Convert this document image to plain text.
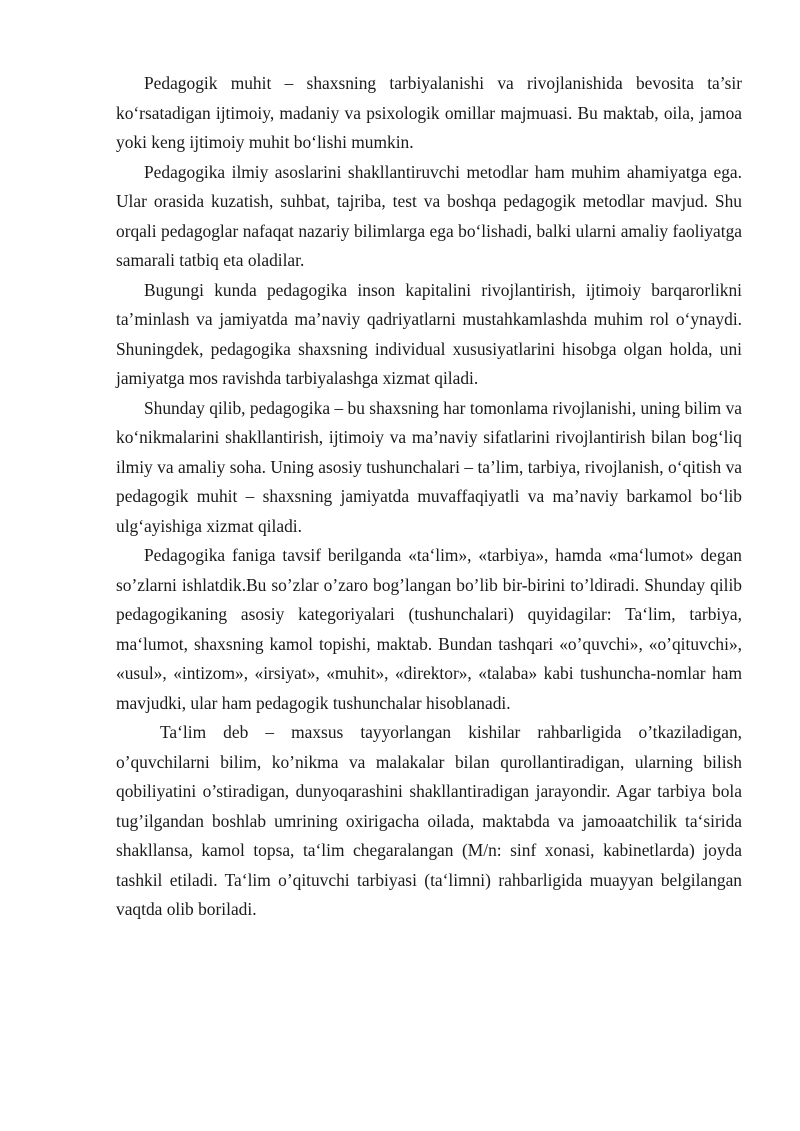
Pedagogik muhit – shaxsning tarbiyalanishi va rivojlanishida bevosita ta’sir ko‘rsatadigan ijtimoiy, madaniy va psixologik omillar majmuasi. Bu maktab, oila, jamoa yoki keng ijtimoiy muhit bo‘lishi mumkin.

Pedagogika ilmiy asoslarini shakllantiruvchi metodlar ham muhim ahamiyatga ega. Ular orasida kuzatish, suhbat, tajriba, test va boshqa pedagogik metodlar mavjud. Shu orqali pedagoglar nafaqat nazariy bilimlarga ega bo‘lishadi, balki ularni amaliy faoliyatga samarali tatbiq eta oladilar.

Bugungi kunda pedagogika inson kapitalini rivojlantirish, ijtimoiy barqarorlikni ta’minlash va jamiyatda ma’naviy qadriyatlarni mustahkamlashda muhim rol o‘ynaydi. Shuningdek, pedagogika shaxsning individual xususiyatlarini hisobga olgan holda, uni jamiyatga mos ravishda tarbiyalashga xizmat qiladi.

Shunday qilib, pedagogika – bu shaxsning har tomonlama rivojlanishi, uning bilim va ko‘nikmalarini shakllantirish, ijtimoiy va ma’naviy sifatlarini rivojlantirish bilan bog‘liq ilmiy va amaliy soha. Uning asosiy tushunchalari – ta’lim, tarbiya, rivojlanish, o‘qitish va pedagogik muhit – shaxsning jamiyatda muvaffaqiyatli va ma’naviy barkamol bo‘lib ulg‘ayishiga xizmat qiladi.

Pedagogika faniga tavsif berilganda «ta‘lim», «tarbiya», hamda «ma‘lumot» degan so’zlarni ishlatdik.Bu so’zlar o’zaro bog’langan bo’lib bir-birini to’ldiradi. Shunday qilib pedagogikaning asosiy kategoriyalari (tushunchalari) quyidagilar: Ta‘lim, tarbiya, ma‘lumot, shaxsning kamol topishi, maktab. Bundan tashqari «o’quvchi», «o’qituvchi», «usul», «intizom», «irsiyat», «muhit», «direktor», «talaba» kabi tushuncha-nomlar ham mavjudki, ular ham pedagogik tushunchalar hisoblanadi.

Ta‘lim deb – maxsus tayyorlangan kishilar rahbarligida o’tkaziladigan, o’quvchilarni bilim, ko’nikma va malakalar bilan qurollantiradigan, ularning bilish qobiliyatini o’stiradigan, dunyoqarashini shakllantiradigan jarayondir. Agar tarbiya bola tug’ilgandan boshlab umrining oxirigacha oilada, maktabda va jamoaatchilik ta‘sirida shakllansa, kamol topsa, ta‘lim chegaralangan (M/n: sinf xonasi, kabinetlarda) joyda tashkil etiladi. Ta‘lim o’qituvchi tarbiyasi (ta‘limni) rahbarligida muayyan belgilangan vaqtda olib boriladi.
